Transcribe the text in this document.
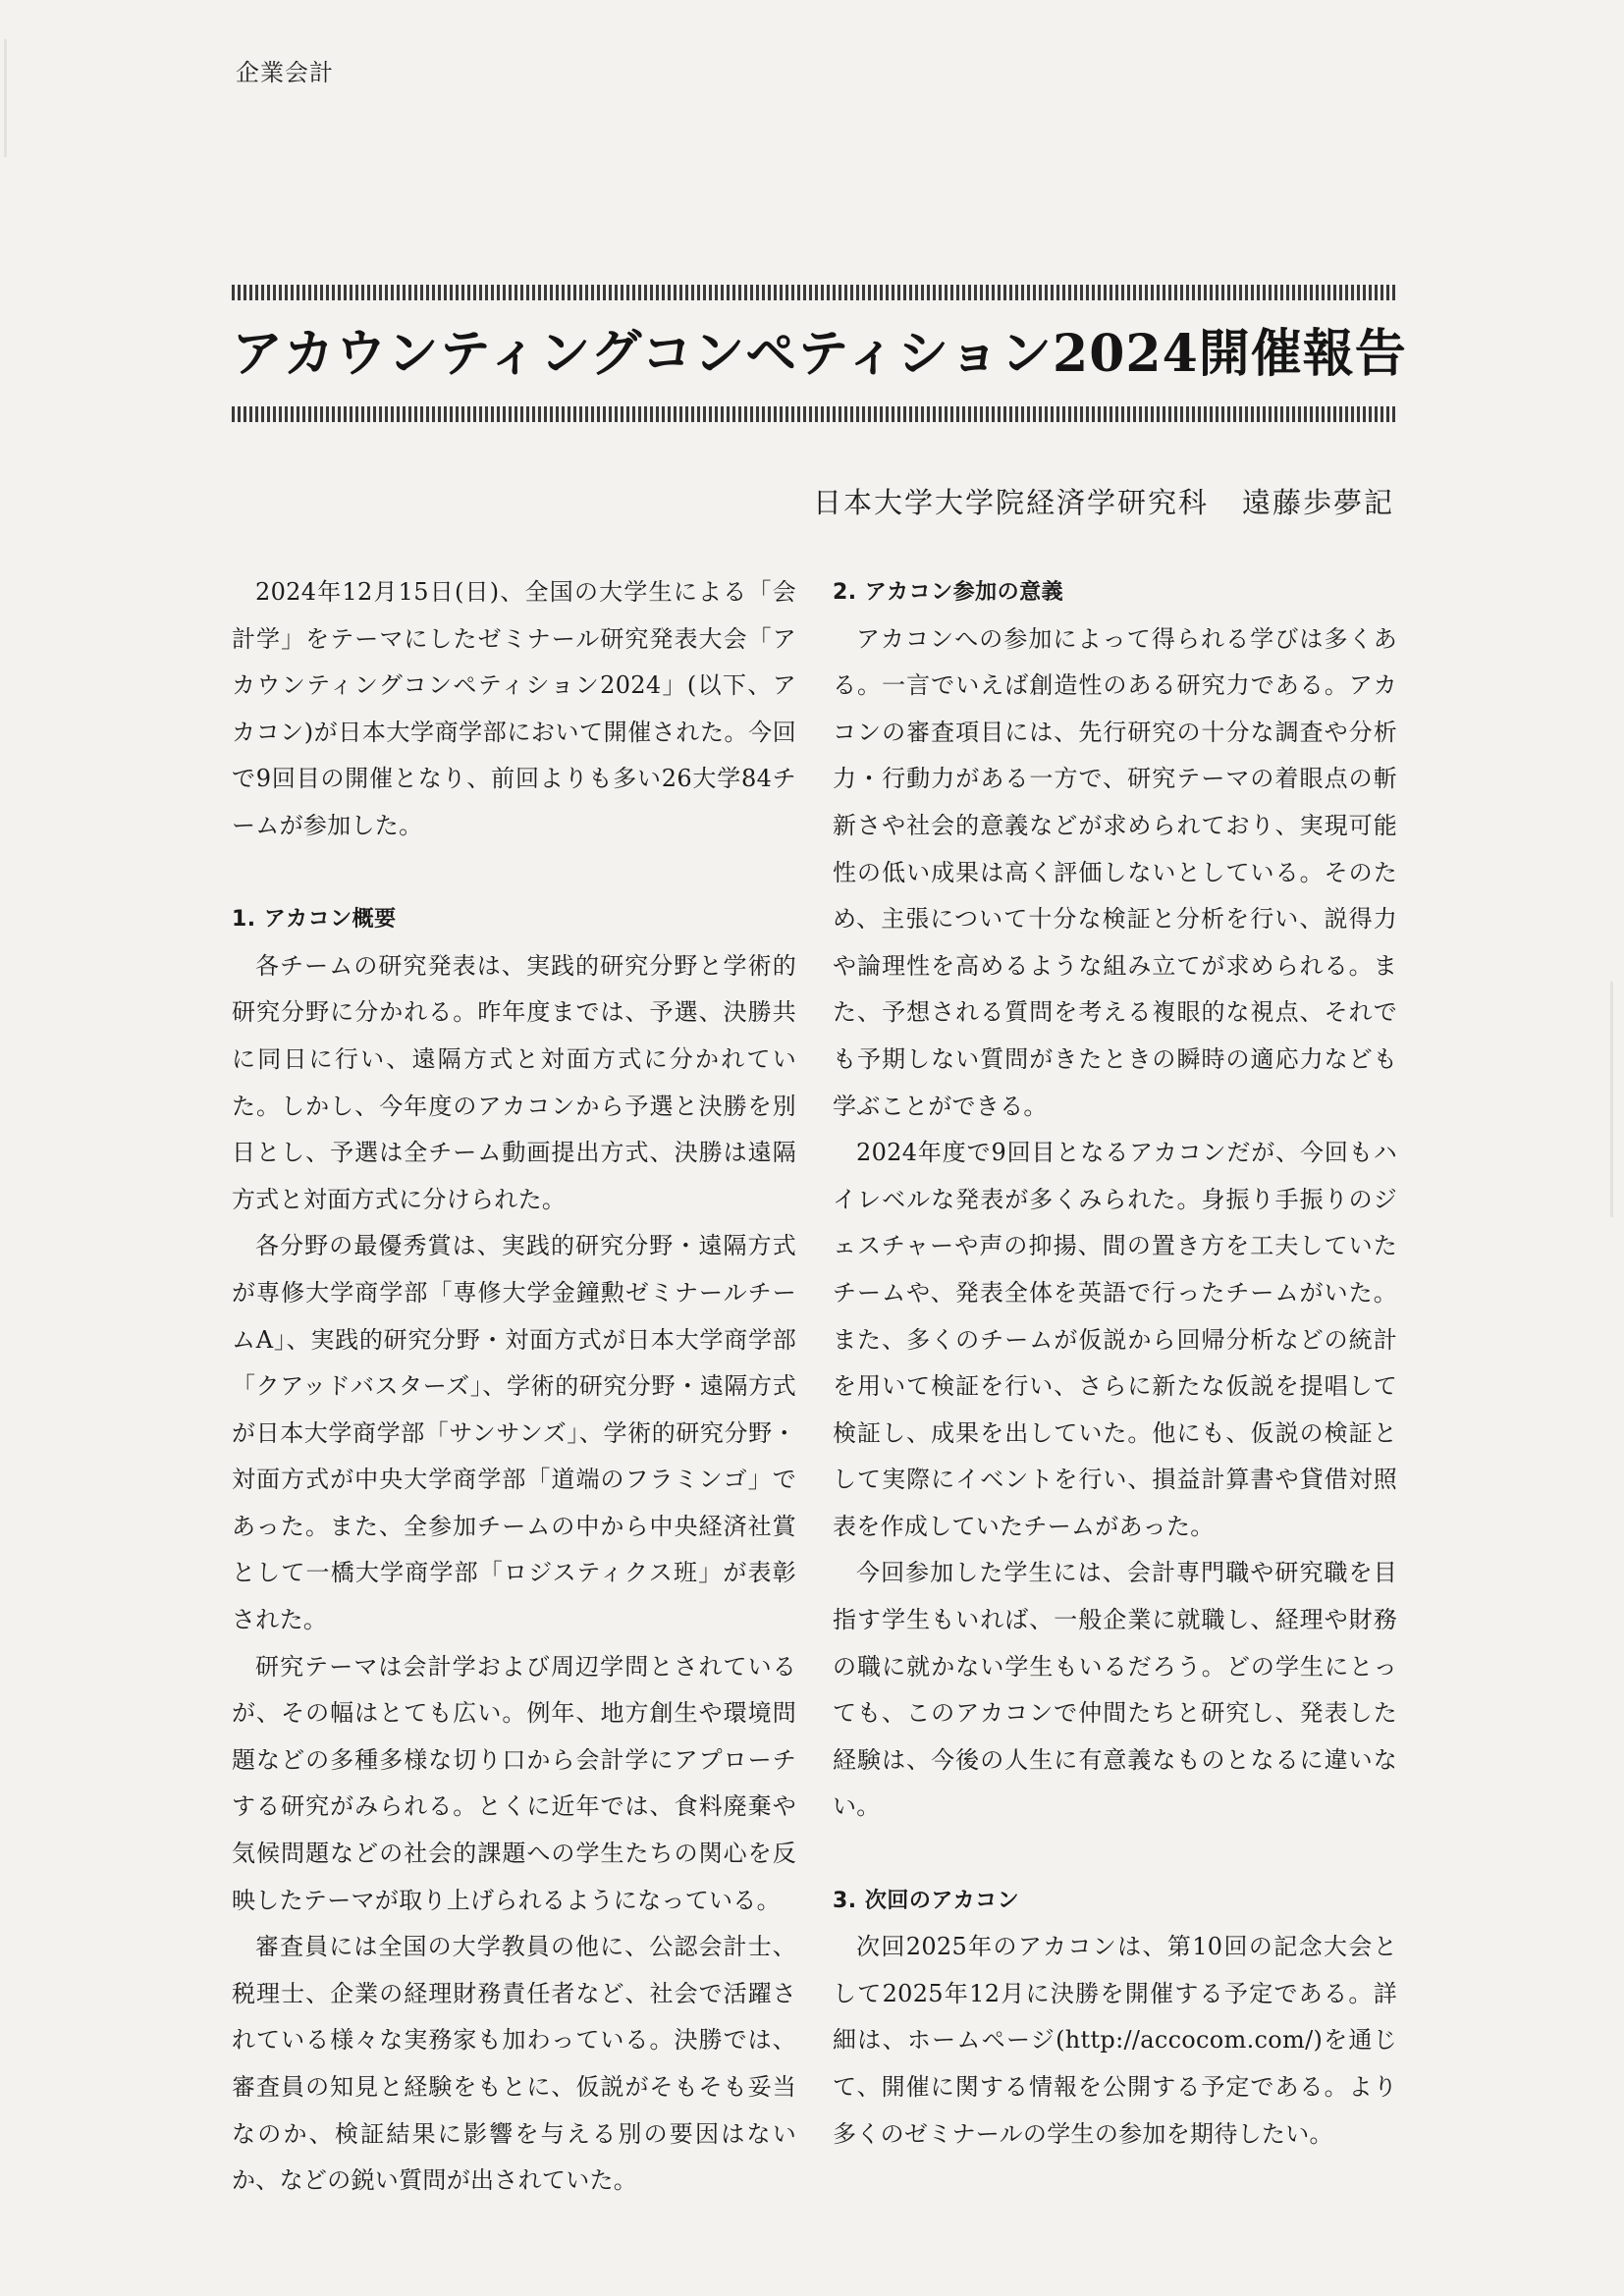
企業会計
アカウンティングコンペティション2024開催報告
日本大学大学院経済学研究科 遠藤歩夢記

2024年12月15日(日)、全国の大学生による「会計学」をテーマにしたゼミナール研究発表大会「アカウンティングコンペティション2024」(以下、アカコン)が日本大学商学部において開催された。今回で9回目の開催となり、前回よりも多い26大学84チームが参加した。

1. アカコン概要

各チームの研究発表は、実践的研究分野と学術的研究分野に分かれる。昨年度までは、予選、決勝共に同日に行い、遠隔方式と対面方式に分かれていた。しかし、今年度のアカコンから予選と決勝を別日とし、予選は全チーム動画提出方式、決勝は遠隔方式と対面方式に分けられた。

各分野の最優秀賞は、実践的研究分野・遠隔方式が専修大学商学部「専修大学金鐘勲ゼミナールチームA」、実践的研究分野・対面方式が日本大学商学部「クアッドバスターズ」、学術的研究分野・遠隔方式が日本大学商学部「サンサンズ」、学術的研究分野・対面方式が中央大学商学部「道端のフラミンゴ」であった。また、全参加チームの中から中央経済社賞として一橋大学商学部「ロジスティクス班」が表彰された。

研究テーマは会計学および周辺学問とされているが、その幅はとても広い。例年、地方創生や環境問題などの多種多様な切り口から会計学にアプローチする研究がみられる。とくに近年では、食料廃棄や気候問題などの社会的課題への学生たちの関心を反映したテーマが取り上げられるようになっている。

審査員には全国の大学教員の他に、公認会計士、税理士、企業の経理財務責任者など、社会で活躍されている様々な実務家も加わっている。決勝では、審査員の知見と経験をもとに、仮説がそもそも妥当なのか、検証結果に影響を与える別の要因はないか、などの鋭い質問が出されていた。

2. アカコン参加の意義

アカコンへの参加によって得られる学びは多くある。一言でいえば創造性のある研究力である。アカコンの審査項目には、先行研究の十分な調査や分析力・行動力がある一方で、研究テーマの着眼点の斬新さや社会的意義などが求められており、実現可能性の低い成果は高く評価しないとしている。そのため、主張について十分な検証と分析を行い、説得力や論理性を高めるような組み立てが求められる。また、予想される質問を考える複眼的な視点、それでも予期しない質問がきたときの瞬時の適応力なども学ぶことができる。

2024年度で9回目となるアカコンだが、今回もハイレベルな発表が多くみられた。身振り手振りのジェスチャーや声の抑揚、間の置き方を工夫していたチームや、発表全体を英語で行ったチームがいた。また、多くのチームが仮説から回帰分析などの統計を用いて検証を行い、さらに新たな仮説を提唱して検証し、成果を出していた。他にも、仮説の検証として実際にイベントを行い、損益計算書や貸借対照表を作成していたチームがあった。

今回参加した学生には、会計専門職や研究職を目指す学生もいれば、一般企業に就職し、経理や財務の職に就かない学生もいるだろう。どの学生にとっても、このアカコンで仲間たちと研究し、発表した経験は、今後の人生に有意義なものとなるに違いない。

3. 次回のアカコン

次回2025年のアカコンは、第10回の記念大会として2025年12月に決勝を開催する予定である。詳細は、ホームページ(http://accocom.com/)を通じて、開催に関する情報を公開する予定である。より多くのゼミナールの学生の参加を期待したい。
